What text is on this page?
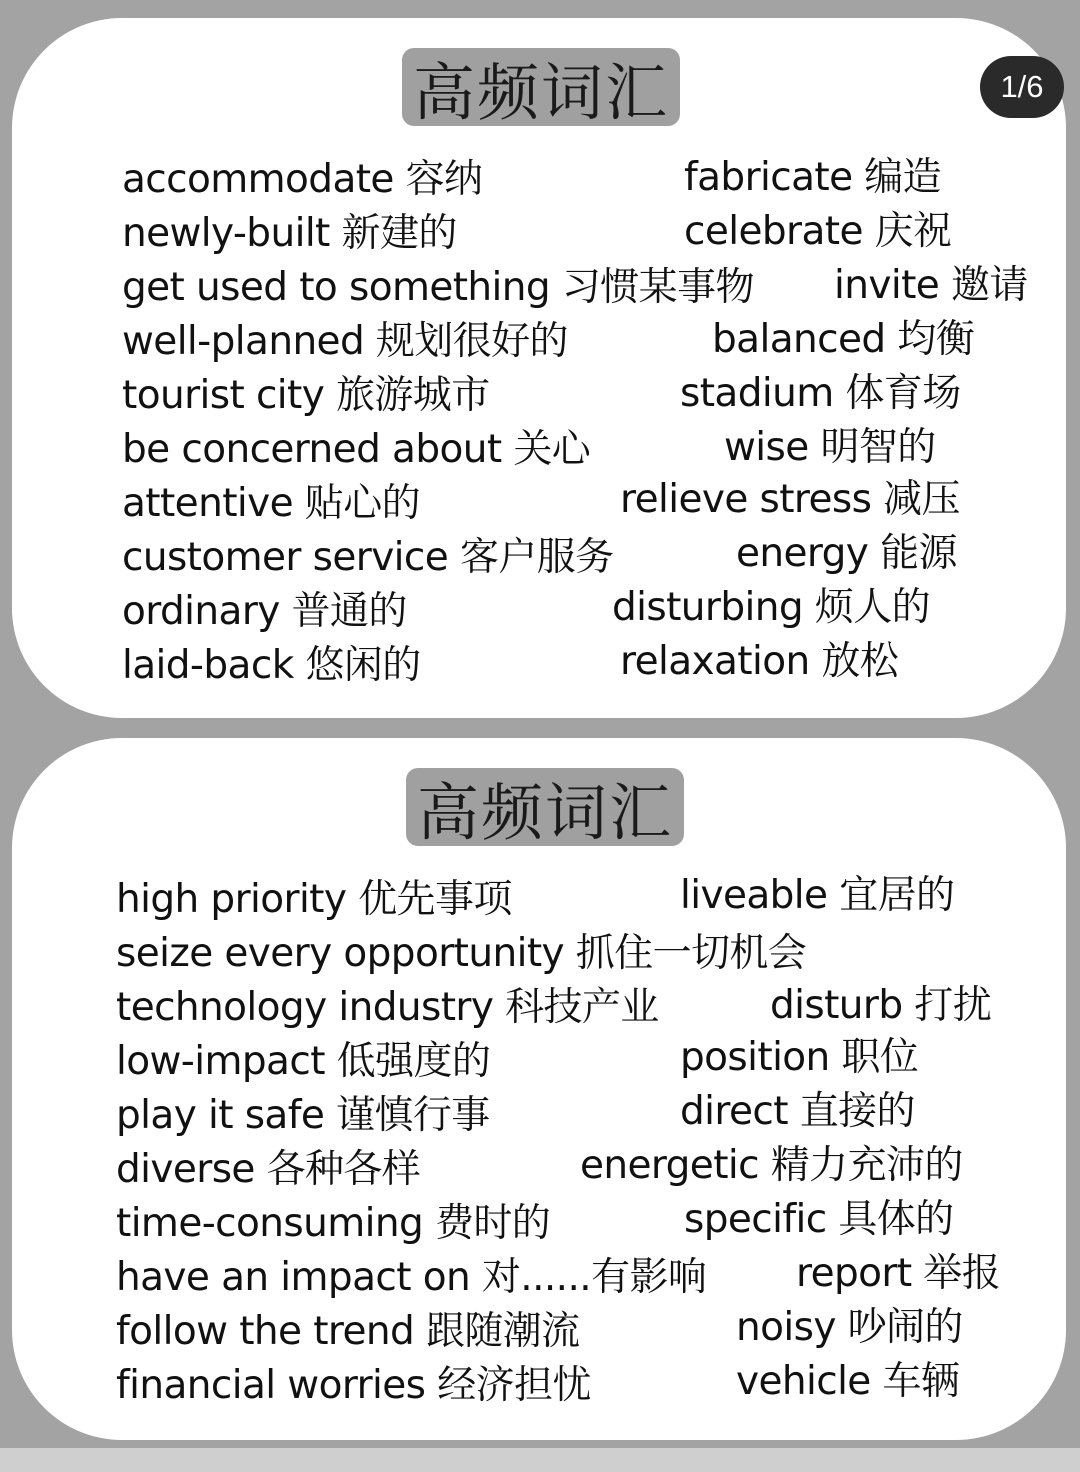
高频词汇	1/6
accommodate 容纳
newly-built 新建的
get used to something 习惯某事物
well-planned 规划很好的
tourist city 旅游城市
be concerned about 关心
attentive 贴心的
customer service 客户服务
ordinary 普通的
laid-back 悠闲的
fabricate 编造
celebrate 庆祝
invite 邀请
balanced 均衡
stadium 体育场
wise 明智的
relieve stress 减压
energy 能源
disturbing 烦人的
relaxation 放松
高频词汇
high priority 优先事项
seize every opportunity 抓住一切机会
technology industry 科技产业
low-impact 低强度的
play it safe 谨慎行事
diverse 各种各样
time-consuming 费时的
have an impact on 对......有影响
follow the trend 跟随潮流
financial worries 经济担忧
liveable 宜居的
disturb 打扰
position 职位
direct 直接的
energetic 精力充沛的
specific 具体的
report 举报
noisy 吵闹的
vehicle 车辆
